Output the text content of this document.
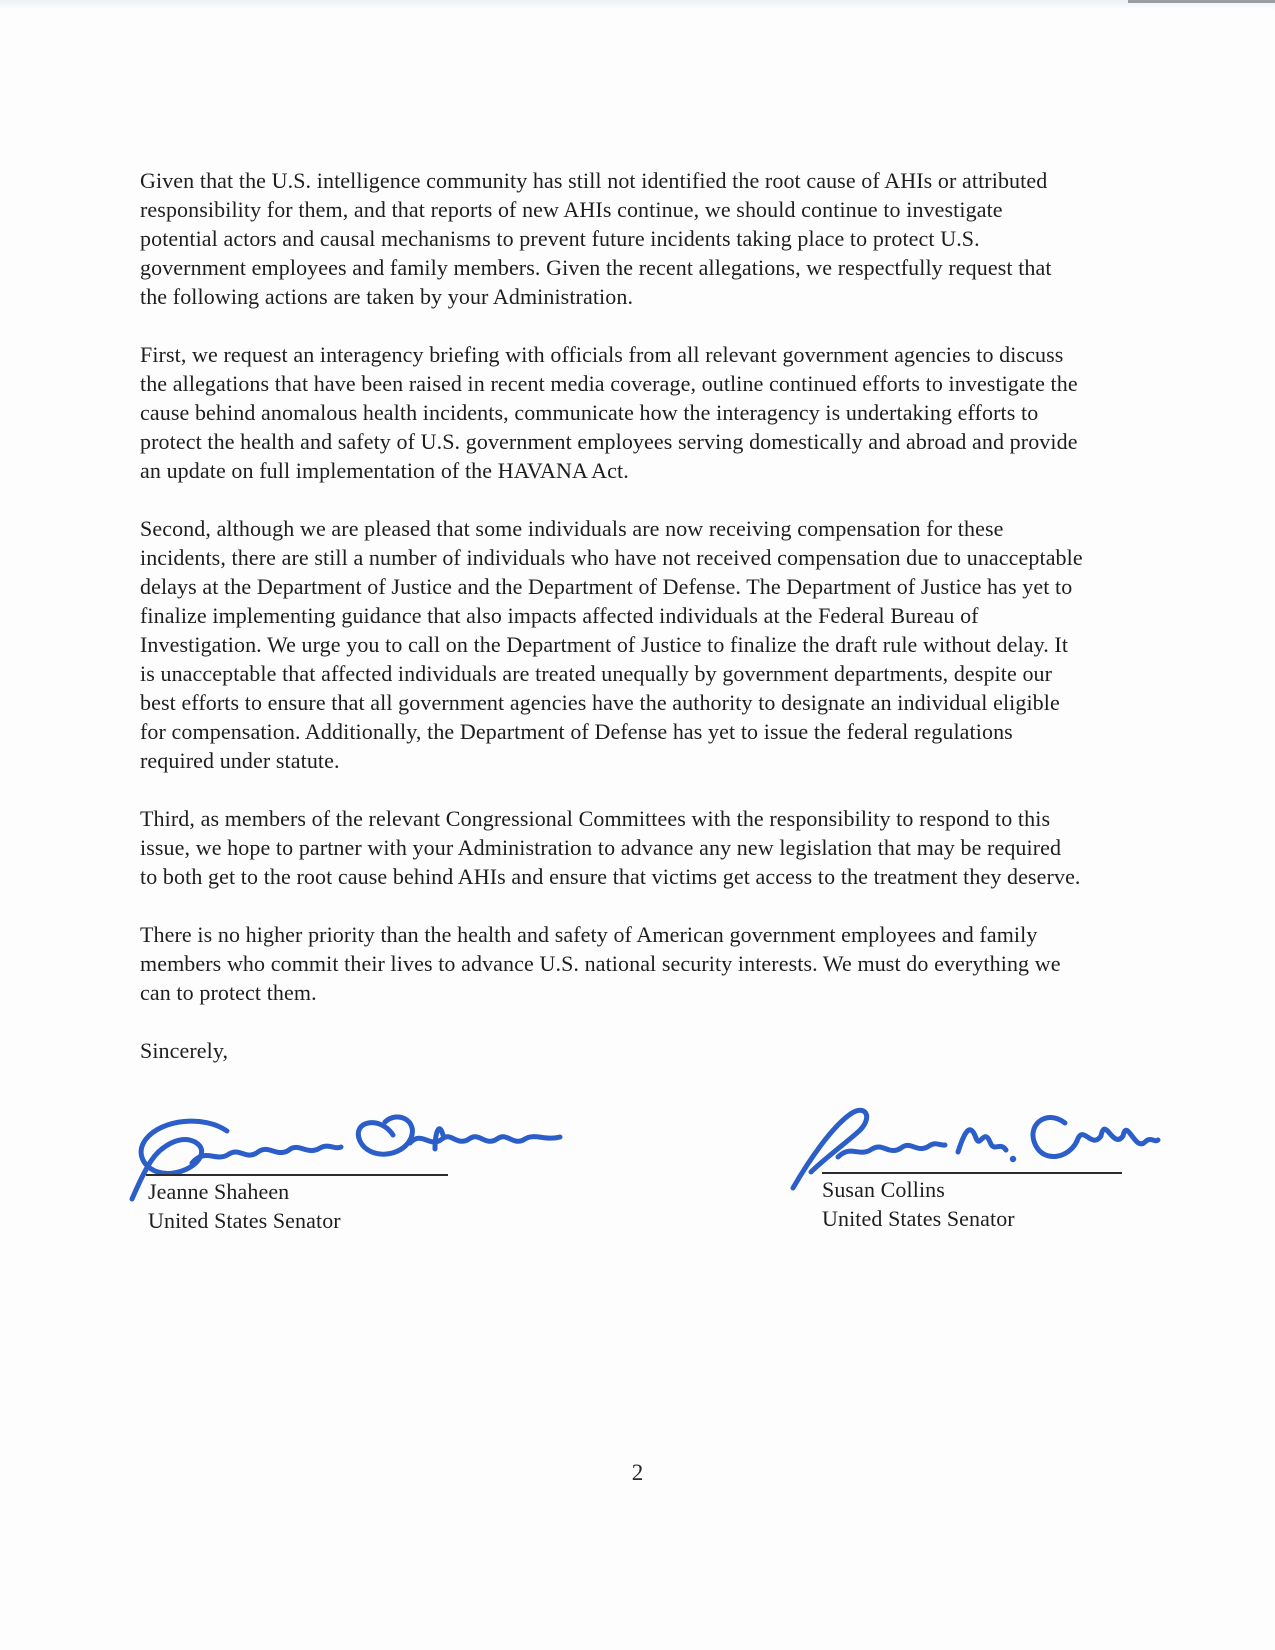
Given that the U.S. intelligence community has still not identified the root cause of AHIs or attributed responsibility for them, and that reports of new AHIs continue, we should continue to investigate potential actors and causal mechanisms to prevent future incidents taking place to protect U.S. government employees and family members. Given the recent allegations, we respectfully request that the following actions are taken by your Administration.

First, we request an interagency briefing with officials from all relevant government agencies to discuss the allegations that have been raised in recent media coverage, outline continued efforts to investigate the cause behind anomalous health incidents, communicate how the interagency is undertaking efforts to protect the health and safety of U.S. government employees serving domestically and abroad and provide an update on full implementation of the HAVANA Act.

Second, although we are pleased that some individuals are now receiving compensation for these incidents, there are still a number of individuals who have not received compensation due to unacceptable delays at the Department of Justice and the Department of Defense. The Department of Justice has yet to finalize implementing guidance that also impacts affected individuals at the Federal Bureau of Investigation. We urge you to call on the Department of Justice to finalize the draft rule without delay. It is unacceptable that affected individuals are treated unequally by government departments, despite our best efforts to ensure that all government agencies have the authority to designate an individual eligible for compensation. Additionally, the Department of Defense has yet to issue the federal regulations required under statute.

Third, as members of the relevant Congressional Committees with the responsibility to respond to this issue, we hope to partner with your Administration to advance any new legislation that may be required to both get to the root cause behind AHIs and ensure that victims get access to the treatment they deserve.

There is no higher priority than the health and safety of American government employees and family members who commit their lives to advance U.S. national security interests. We must do everything we can to protect them.

Sincerely,

Jeanne Shaheen
United States Senator
Susan Collins
United States Senator
2
